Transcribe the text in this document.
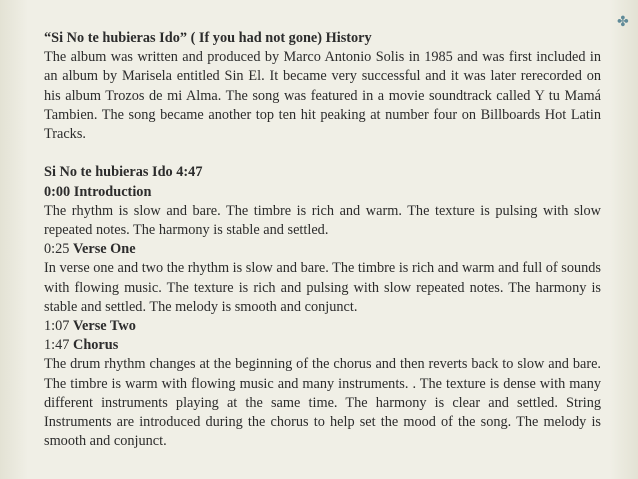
✤

“Si No te hubieras Ido” ( If you had not gone) History

The album was written and produced by Marco Antonio Solis in 1985 and was first included in an album by Marisela entitled Sin El. It became very successful and it was later rerecorded on his album Trozos de mi Alma. The song was featured in a movie soundtrack called Y tu Mamá Tambien. The song became another top ten hit peaking at number four on Billboards Hot Latin Tracks.

Si No te hubieras Ido 4:47

0:00 Introduction

The rhythm is slow and bare. The timbre is rich and warm. The texture is pulsing with slow repeated notes. The harmony is stable and settled.

0:25 Verse One

In verse one and two the rhythm is slow and bare. The timbre is rich and warm and full of sounds with flowing music. The texture is rich and pulsing with slow repeated notes. The harmony is stable and settled. The melody is smooth and conjunct.

1:07 Verse Two

1:47 Chorus

The drum rhythm changes at the beginning of the chorus and then reverts back to slow and bare. The timbre is warm with flowing music and many instruments. . The texture is dense with many different instruments playing at the same time. The harmony is clear and settled. String Instruments are introduced during the chorus to help set the mood of the song. The melody is smooth and conjunct.
